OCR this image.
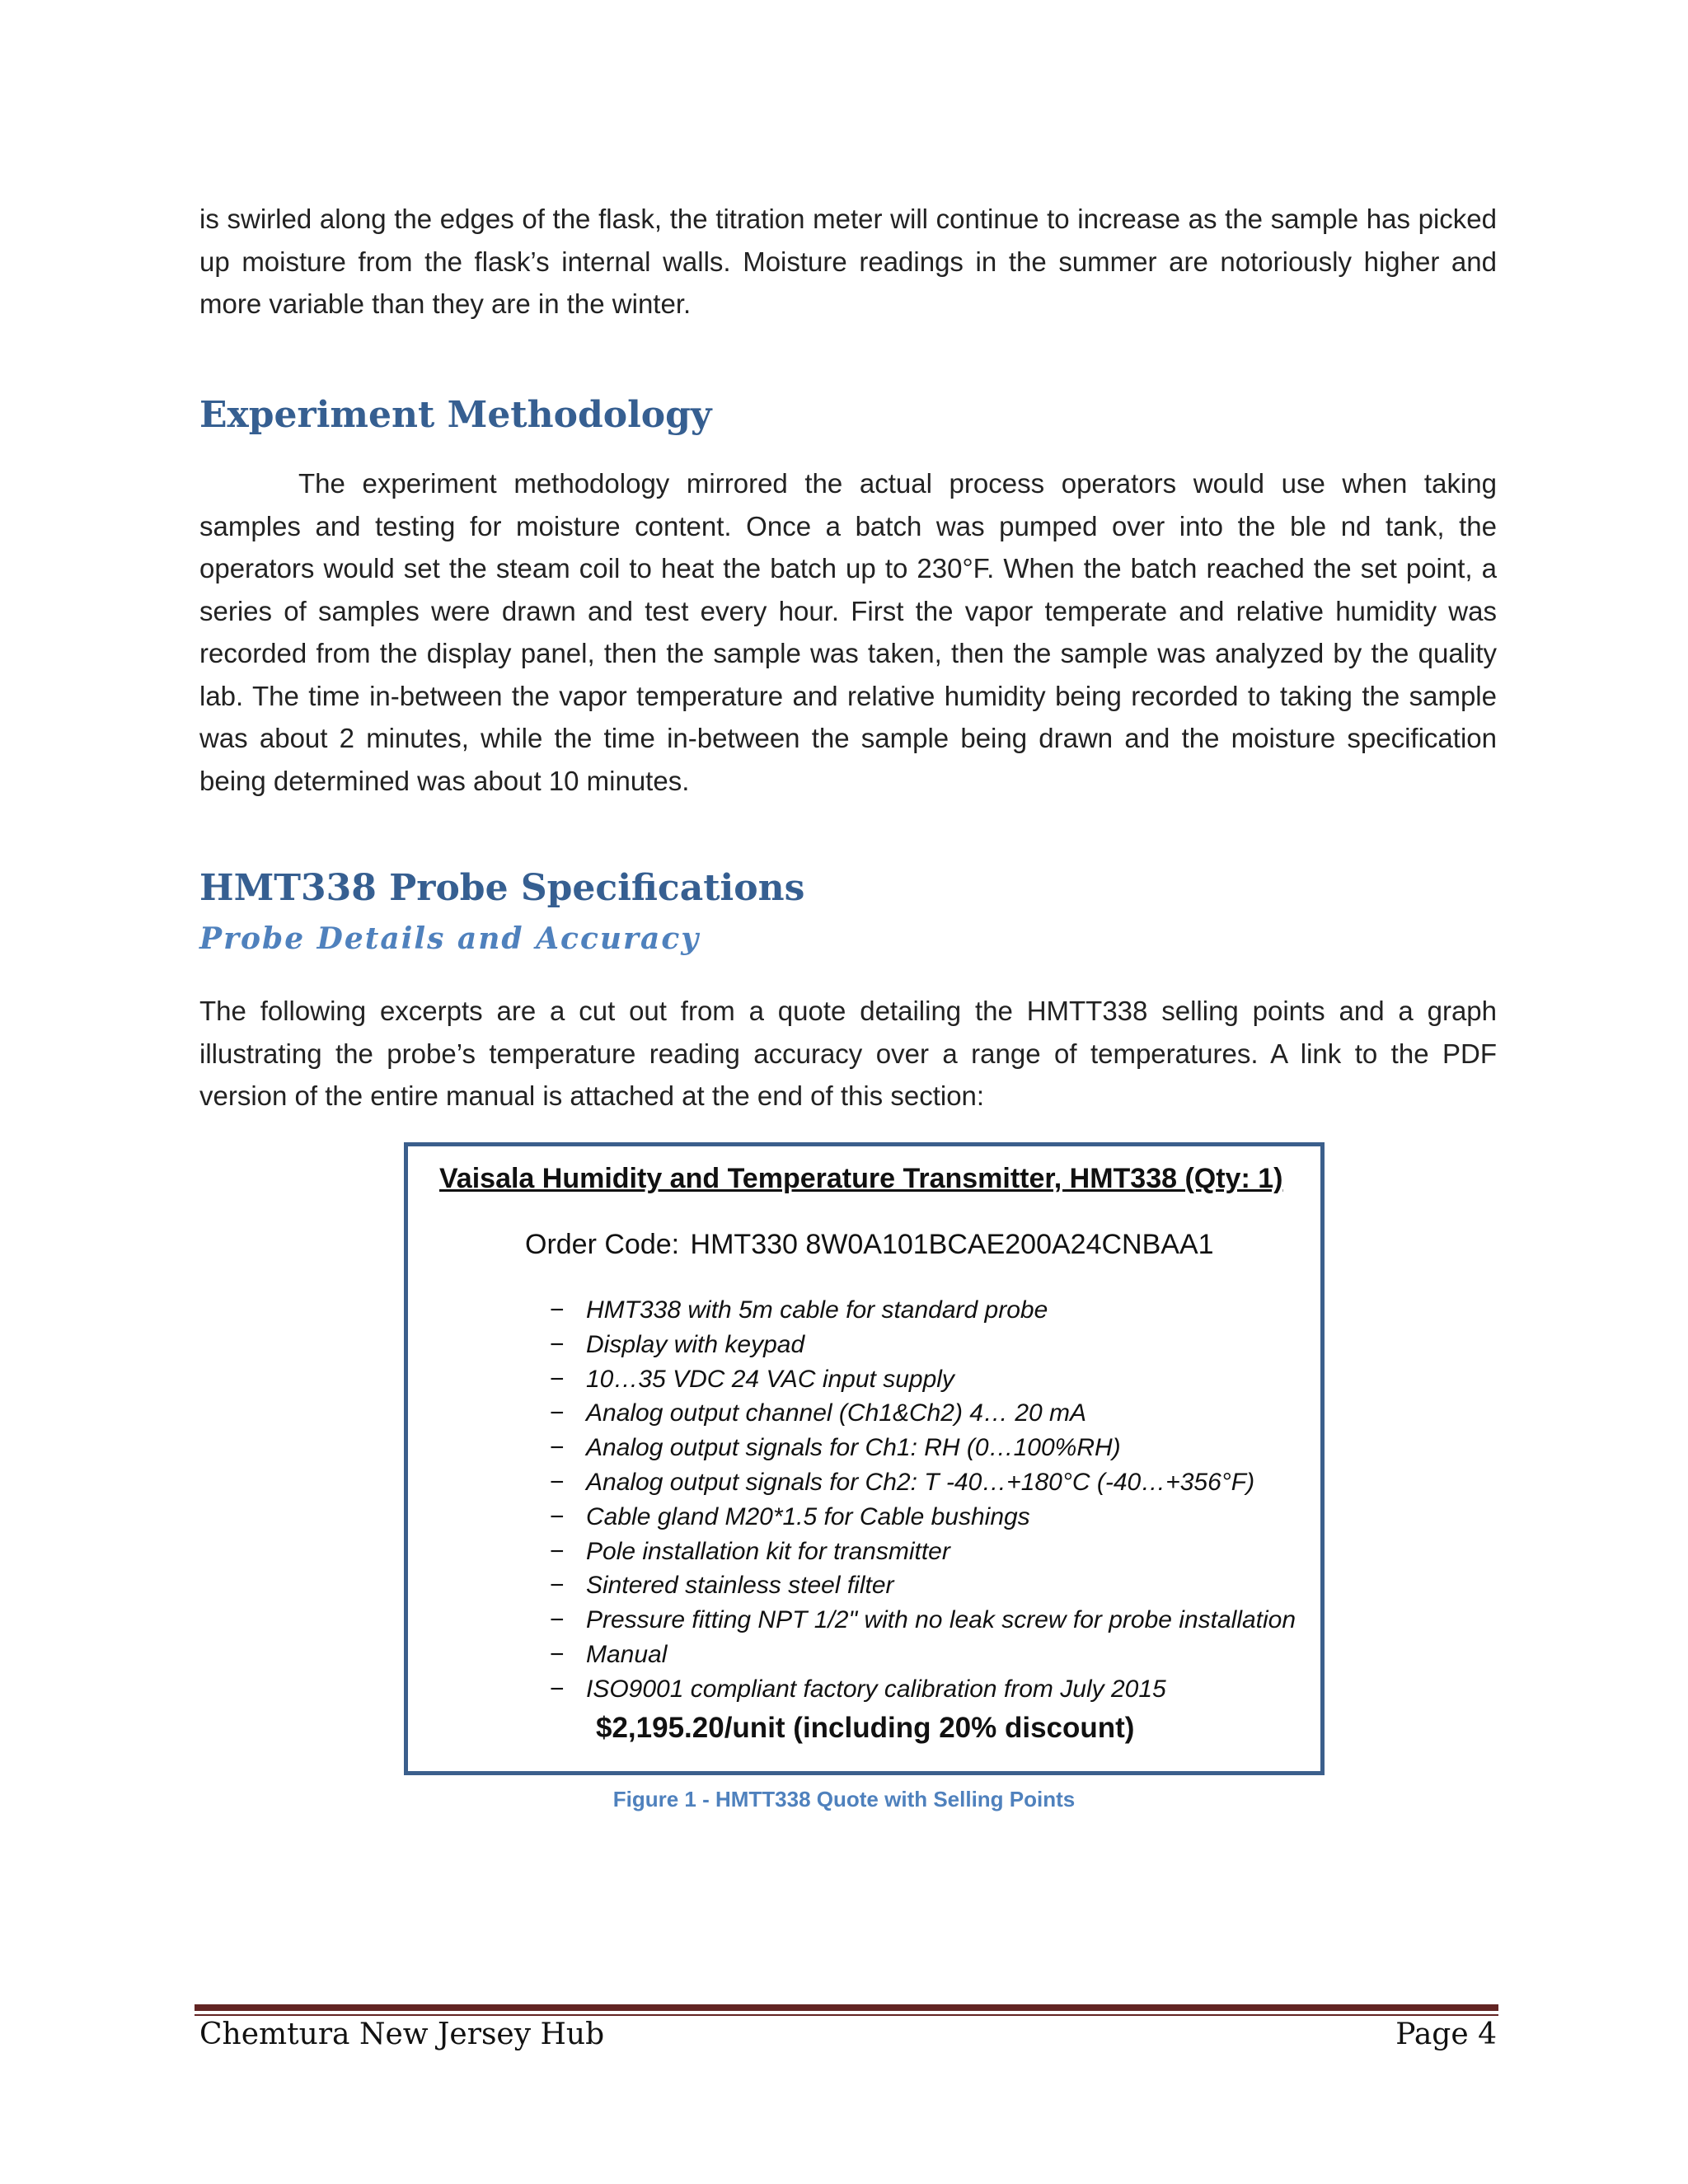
is swirled along the edges of the flask, the titration meter will continue to increase as the sample has picked up moisture from the flask’s internal walls. Moisture readings in the summer are notoriously higher and more variable than they are in the winter.

Experiment Methodology

The experiment methodology mirrored the actual process operators would use when taking samples and testing for moisture content. Once a batch was pumped over into the ble nd tank, the operators would set the steam coil to heat the batch up to 230°F. When the batch reached the set point, a series of samples were drawn and test every hour. First the vapor temperate and relative humidity was recorded from the display panel, then the sample was taken, then the sample was analyzed by the quality lab. The time in-between the vapor temperature and relative humidity being recorded to taking the sample was about 2 minutes, while the time in-between the sample being drawn and the moisture specification being determined was about 10 minutes.

HMT338 Probe Specifications
Probe Details and Accuracy

The following excerpts are a cut out from a quote detailing the HMTT338 selling points and a graph illustrating the probe’s temperature reading accuracy over a range of temperatures. A link to the PDF version of the entire manual is attached at the end of this section:

Vaisala Humidity and Temperature Transmitter, HMT338 (Qty: 1)

Order Code: HMT330 8W0A101BCAE200A24CNBAA1

− HMT338 with 5m cable for standard probe
− Display with keypad
− 10…35 VDC 24 VAC input supply
− Analog output channel (Ch1&Ch2) 4… 20 mA
− Analog output signals for Ch1: RH (0…100%RH)
− Analog output signals for Ch2: T -40…+180°C (-40…+356°F)
− Cable gland M20*1.5 for Cable bushings
− Pole installation kit for transmitter
− Sintered stainless steel filter
− Pressure fitting NPT 1/2" with no leak screw for probe installation
− Manual
− ISO9001 compliant factory calibration from July 2015

$2,195.20/unit (including 20% discount)

Figure 1 - HMTT338 Quote with Selling Points

Chemtura New Jersey Hub	Page 4
